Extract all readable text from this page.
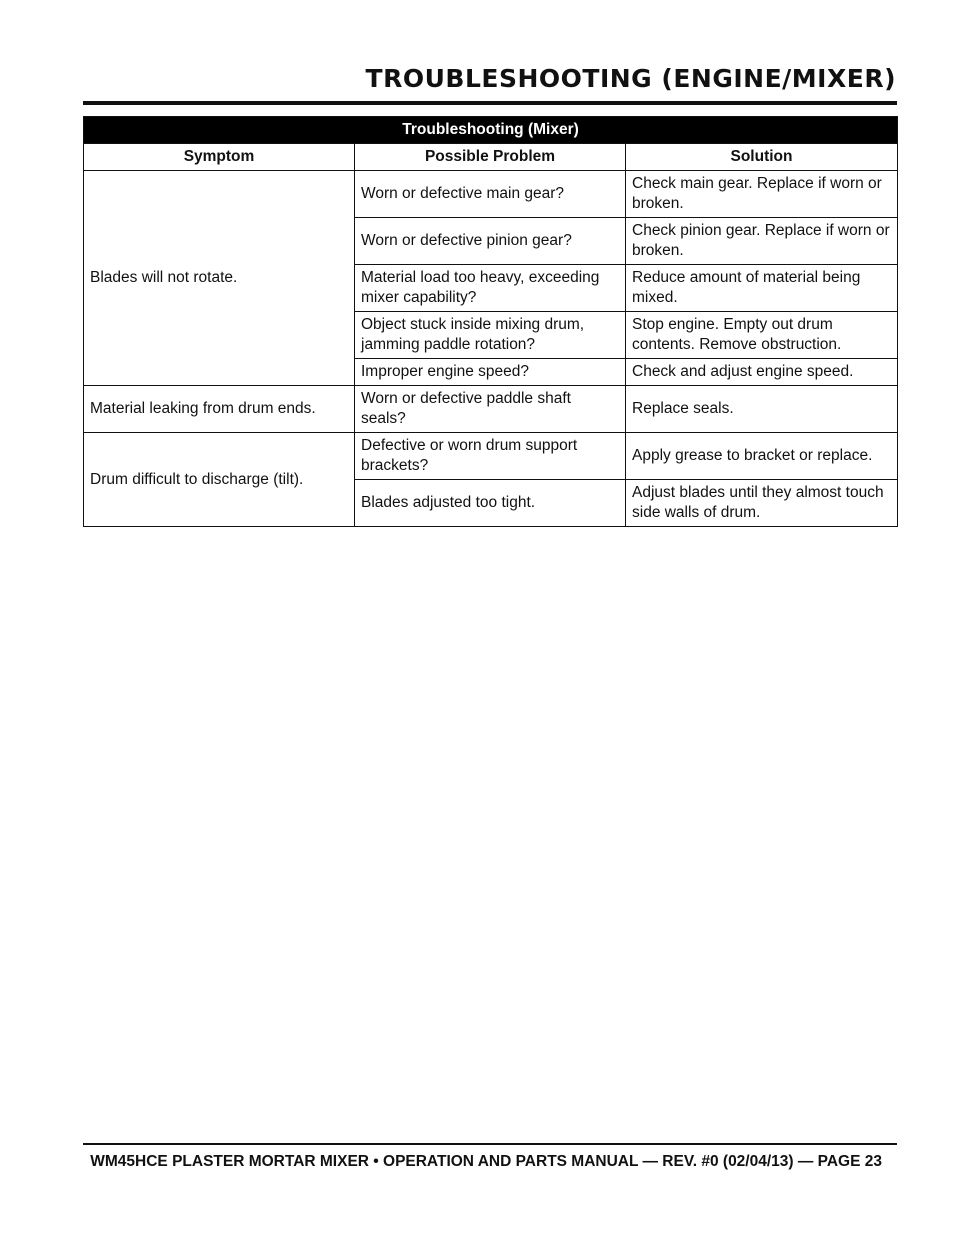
TROUBLESHOOTING (ENGINE/MIXER)
Troubleshooting (Mixer)		
Symptom	Possible Problem	Solution
Blades will not rotate.	Worn or defective main gear?	Check main gear. Replace if worn or broken.
	Worn or defective pinion gear?	Check pinion gear. Replace if worn or broken.
	Material load too heavy, exceeding mixer capability?	Reduce amount of material being mixed.
	Object stuck inside mixing drum, jamming paddle rotation?	Stop engine. Empty out drum contents. Remove obstruction.
	Improper engine speed?	Check and adjust engine speed.
Material leaking from drum ends.	Worn or defective paddle shaft seals?	Replace seals.
Drum difficult to discharge (tilt).	Defective or worn drum support brackets?	Apply grease to bracket or replace.
	Blades adjusted too tight.	Adjust blades until they almost touch side walls of drum.
WM45HCE PLASTER MORTAR MIXER • OPERATION AND PARTS MANUAL — REV. #0 (02/04/13) — PAGE 23
